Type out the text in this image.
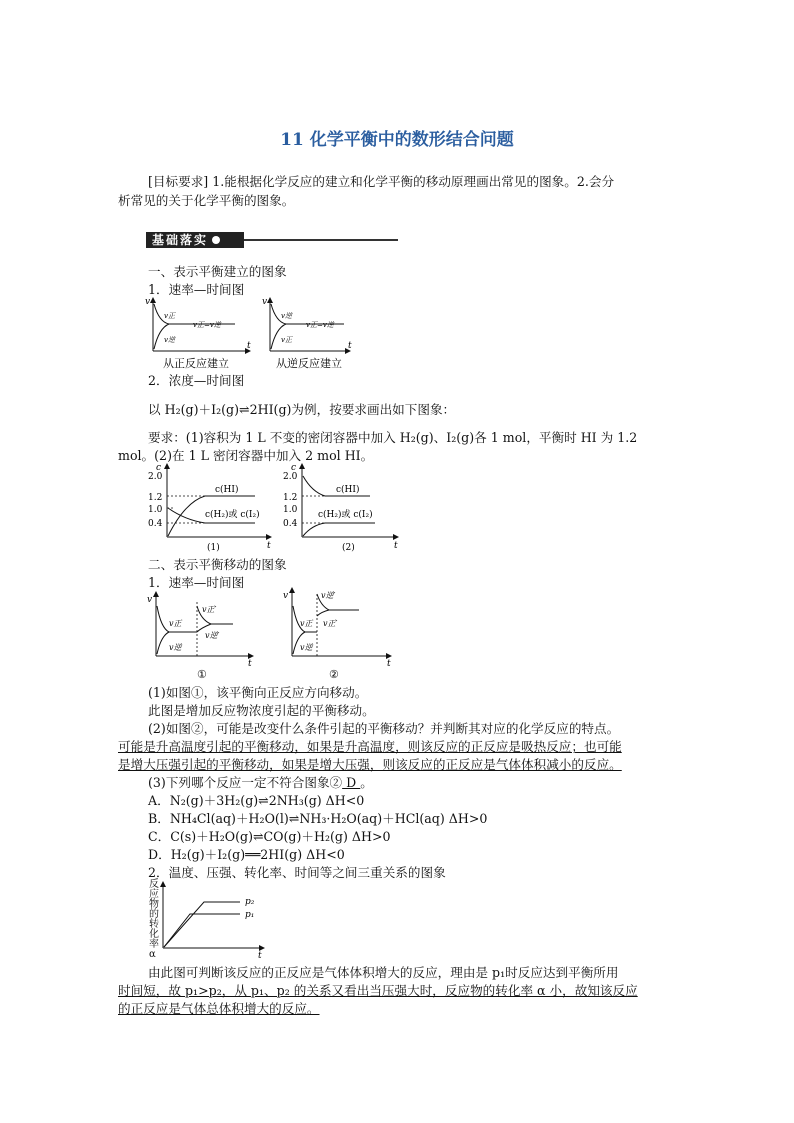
11 化学平衡中的数形结合问题
[目标要求] 1.能根据化学反应的建立和化学平衡的移动原理画出常见的图象。2.会分
析常见的关于化学平衡的图象。
基础落实
一、表示平衡建立的图象
1．速率—时间图
v
t
v正
v正=v逆
v逆
从正反应建立
v
t
v逆
v正=v逆
v正
从逆反应建立
2．浓度—时间图
以 H₂(g)＋I₂(g)⇌2HI(g)为例，按要求画出如下图象：
要求：(1)容积为 1 L 不变的密闭容器中加入 H₂(g)、I₂(g)各 1 mol，平衡时 HI 为 1.2
mol。(2)在 1 L 密闭容器中加入 2 mol HI。
c
t
2.0
1.2
1.0
0.4
c(HI)
c(H₂)或 c(I₂)
(1)
c
t
2.0
1.2
1.0
0.4
c(HI)
c(H₂)或 c(I₂)
(2)
二、表示平衡移动的图象
1．速率—时间图
v
t
v正′
v正
v逆′
v逆
①
v
t
v逆′
v正 v正′
v逆
②
(1)如图①，该平衡向正反应方向移动。
此图是增加反应物浓度引起的平衡移动。
(2)如图②，可能是改变什么条件引起的平衡移动？并判断其对应的化学反应的特点。
可能是升高温度引起的平衡移动，如果是升高温度，则该反应的正反应是吸热反应；也可能
是增大压强引起的平衡移动，如果是增大压强，则该反应的正反应是气体体积减小的反应。
(3)下列哪个反应一定不符合图象② D 。
A．N₂(g)＋3H₂(g)⇌2NH₃(g) ΔH<0
B．NH₄Cl(aq)＋H₂O(l)⇌NH₃·H₂O(aq)＋HCl(aq) ΔH>0
C．C(s)＋H₂O(g)⇌CO(g)＋H₂(g) ΔH>0
D．H₂(g)＋I₂(g)══2HI(g) ΔH<0
2．温度、压强、转化率、时间等之间三重关系的图象
反应物的转化率α	t
p₂
p₁
由此图可判断该反应的正反应是气体体积增大的反应，理由是 p₁时反应达到平衡所用
时间短，故 p₁>p₂，从 p₁、p₂ 的关系又看出当压强大时，反应物的转化率 α 小，故知该反应
的正反应是气体总体积增大的反应。
